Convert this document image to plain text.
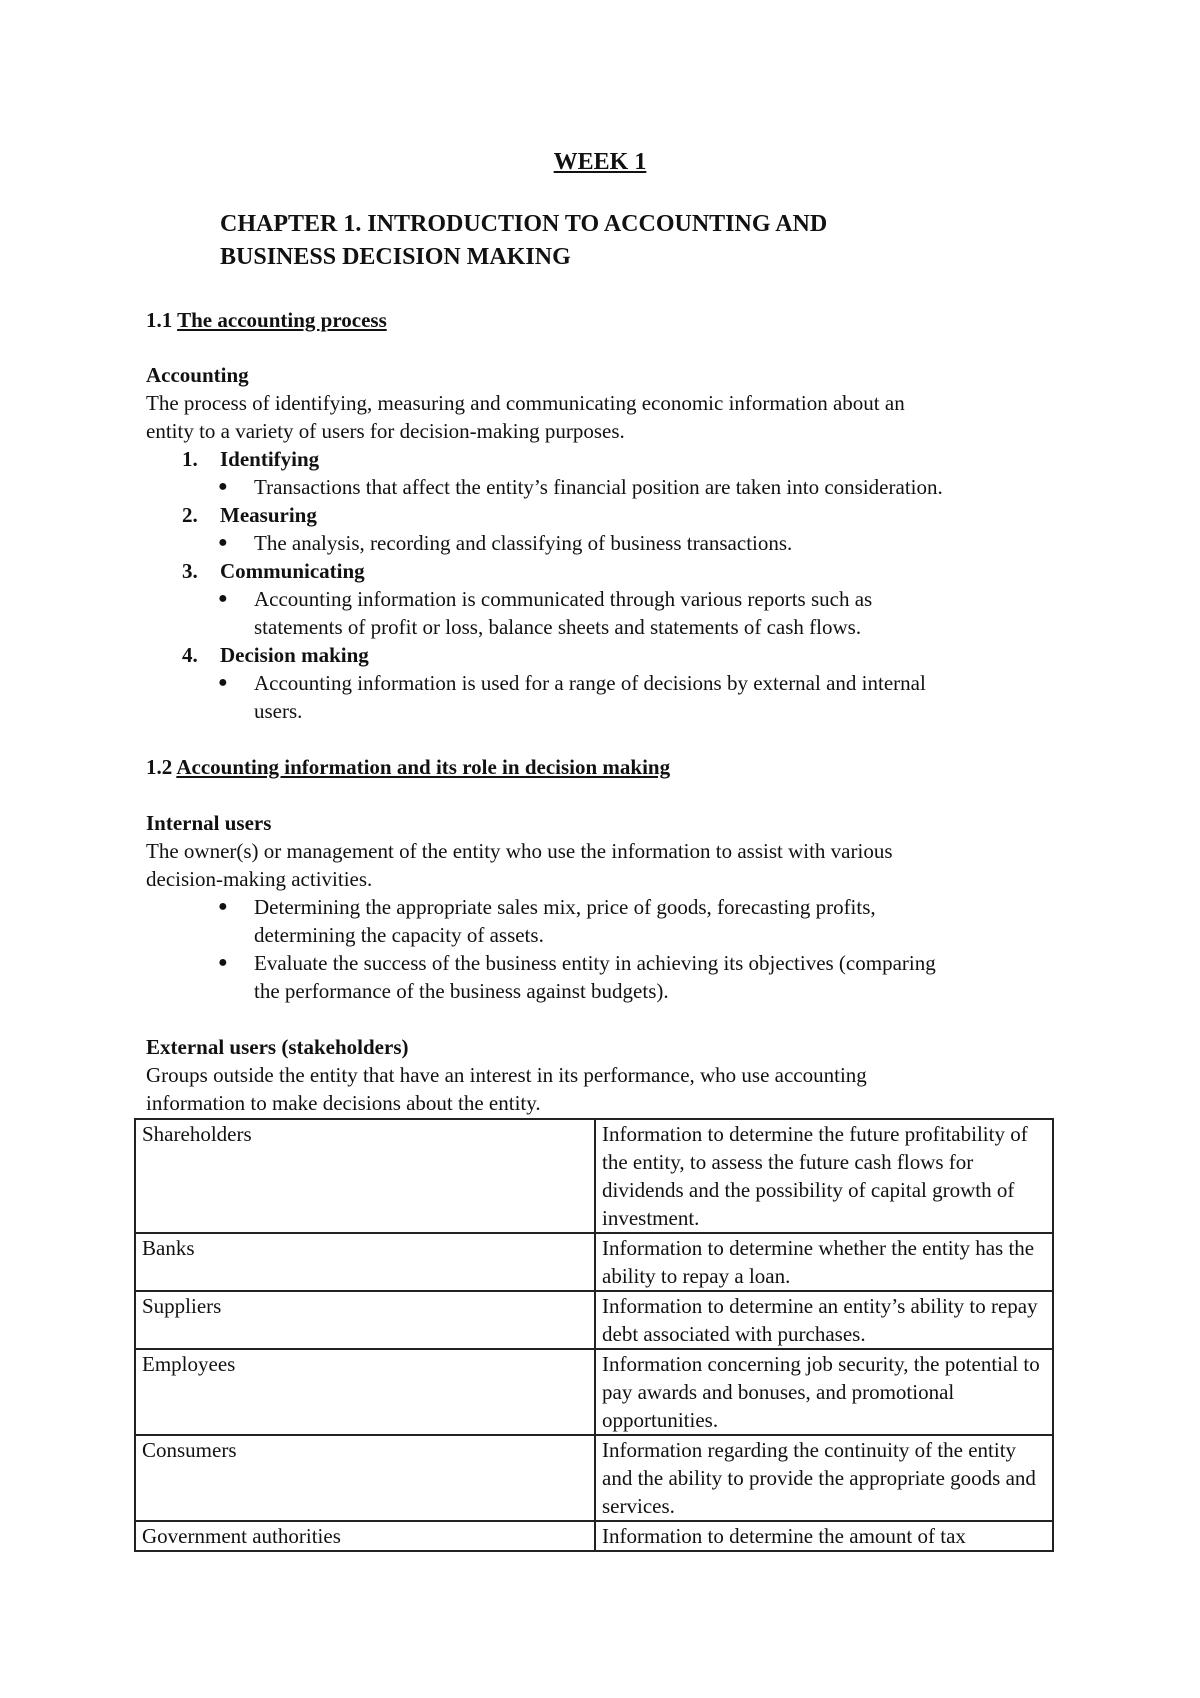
WEEK 1
CHAPTER 1. INTRODUCTION TO ACCOUNTING AND
BUSINESS DECISION MAKING
1.1 The accounting process
Accounting
The process of identifying, measuring and communicating economic information about an
entity to a variety of users for decision-making purposes.
1. Identifying
● Transactions that affect the entity’s financial position are taken into consideration.
2. Measuring
● The analysis, recording and classifying of business transactions.
3. Communicating
● Accounting information is communicated through various reports such as
statements of profit or loss, balance sheets and statements of cash flows.
4. Decision making
● Accounting information is used for a range of decisions by external and internal
users.
1.2 Accounting information and its role in decision making
Internal users
The owner(s) or management of the entity who use the information to assist with various
decision-making activities.
● Determining the appropriate sales mix, price of goods, forecasting profits,
determining the capacity of assets.
● Evaluate the success of the business entity in achieving its objectives (comparing
the performance of the business against budgets).
External users (stakeholders)
Groups outside the entity that have an interest in its performance, who use accounting
information to make decisions about the entity.
Shareholders	Information to determine the future profitability of the entity, to assess the future cash flows for dividends and the possibility of capital growth of investment.
Banks	Information to determine whether the entity has the ability to repay a loan.
Suppliers	Information to determine an entity’s ability to repay debt associated with purchases.
Employees	Information concerning job security, the potential to pay awards and bonuses, and promotional opportunities.
Consumers	Information regarding the continuity of the entity and the ability to provide the appropriate goods and services.
Government authorities	Information to determine the amount of tax
